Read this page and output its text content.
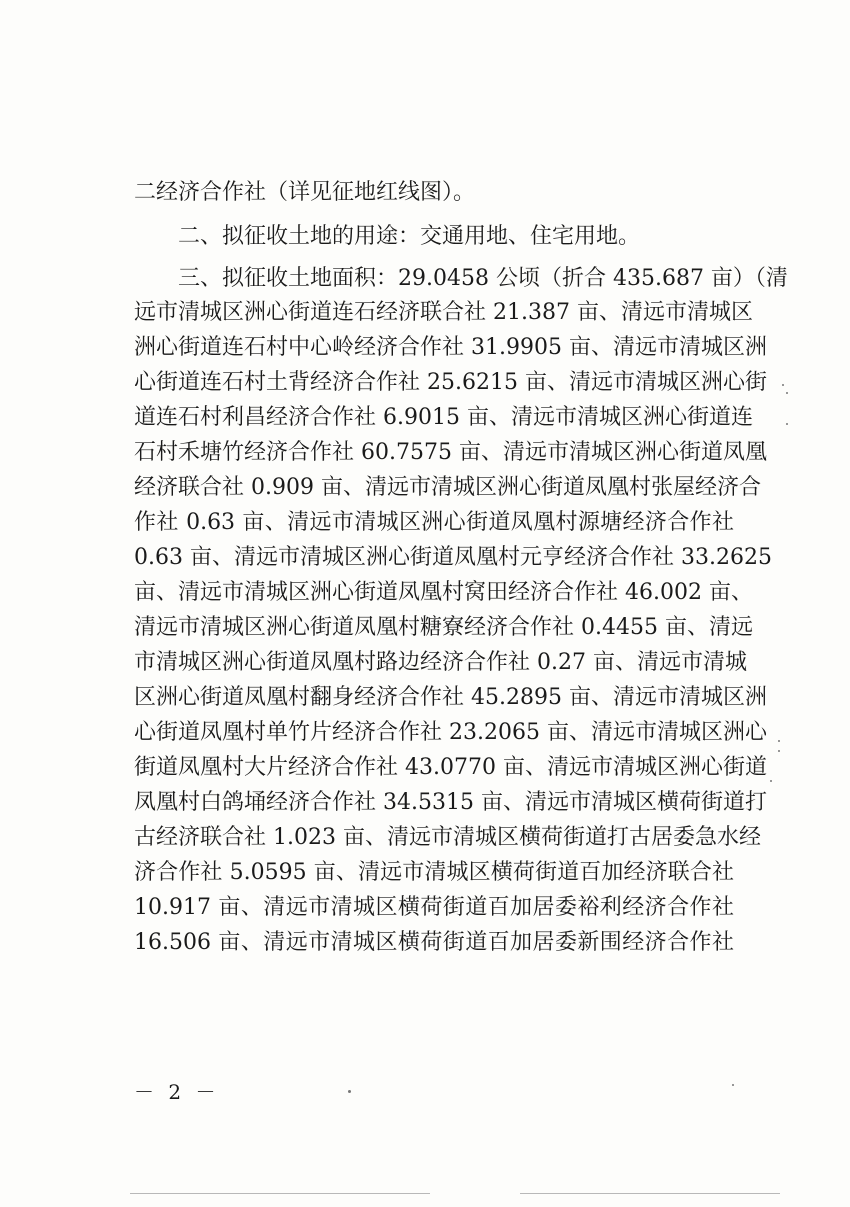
二经济合作社（详见征地红线图）。
二、拟征收土地的用途：交通用地、住宅用地。
三、拟征收土地面积：29.0458 公顷（折合 435.687 亩）（清
远市清城区洲心街道连石经济联合社 21.387 亩、清远市清城区
洲心街道连石村中心岭经济合作社 31.9905 亩、清远市清城区洲
心街道连石村土背经济合作社 25.6215 亩、清远市清城区洲心街
道连石村利昌经济合作社 6.9015 亩、清远市清城区洲心街道连
石村禾塘竹经济合作社 60.7575 亩、清远市清城区洲心街道凤凰
经济联合社 0.909 亩、清远市清城区洲心街道凤凰村张屋经济合
作社 0.63 亩、清远市清城区洲心街道凤凰村源塘经济合作社
0.63 亩、清远市清城区洲心街道凤凰村元亨经济合作社 33.2625
亩、清远市清城区洲心街道凤凰村窝田经济合作社 46.002 亩、
清远市清城区洲心街道凤凰村糖寮经济合作社 0.4455 亩、清远
市清城区洲心街道凤凰村路边经济合作社 0.27 亩、清远市清城
区洲心街道凤凰村翻身经济合作社 45.2895 亩、清远市清城区洲
心街道凤凰村单竹片经济合作社 23.2065 亩、清远市清城区洲心
街道凤凰村大片经济合作社 43.0770 亩、清远市清城区洲心街道
凤凰村白鸽埇经济合作社 34.5315 亩、清远市清城区横荷街道打
古经济联合社 1.023 亩、清远市清城区横荷街道打古居委急水经
济合作社 5.0595 亩、清远市清城区横荷街道百加经济联合社
10.917 亩、清远市清城区横荷街道百加居委裕利经济合作社
16.506 亩、清远市清城区横荷街道百加居委新围经济合作社
－ 2 －
